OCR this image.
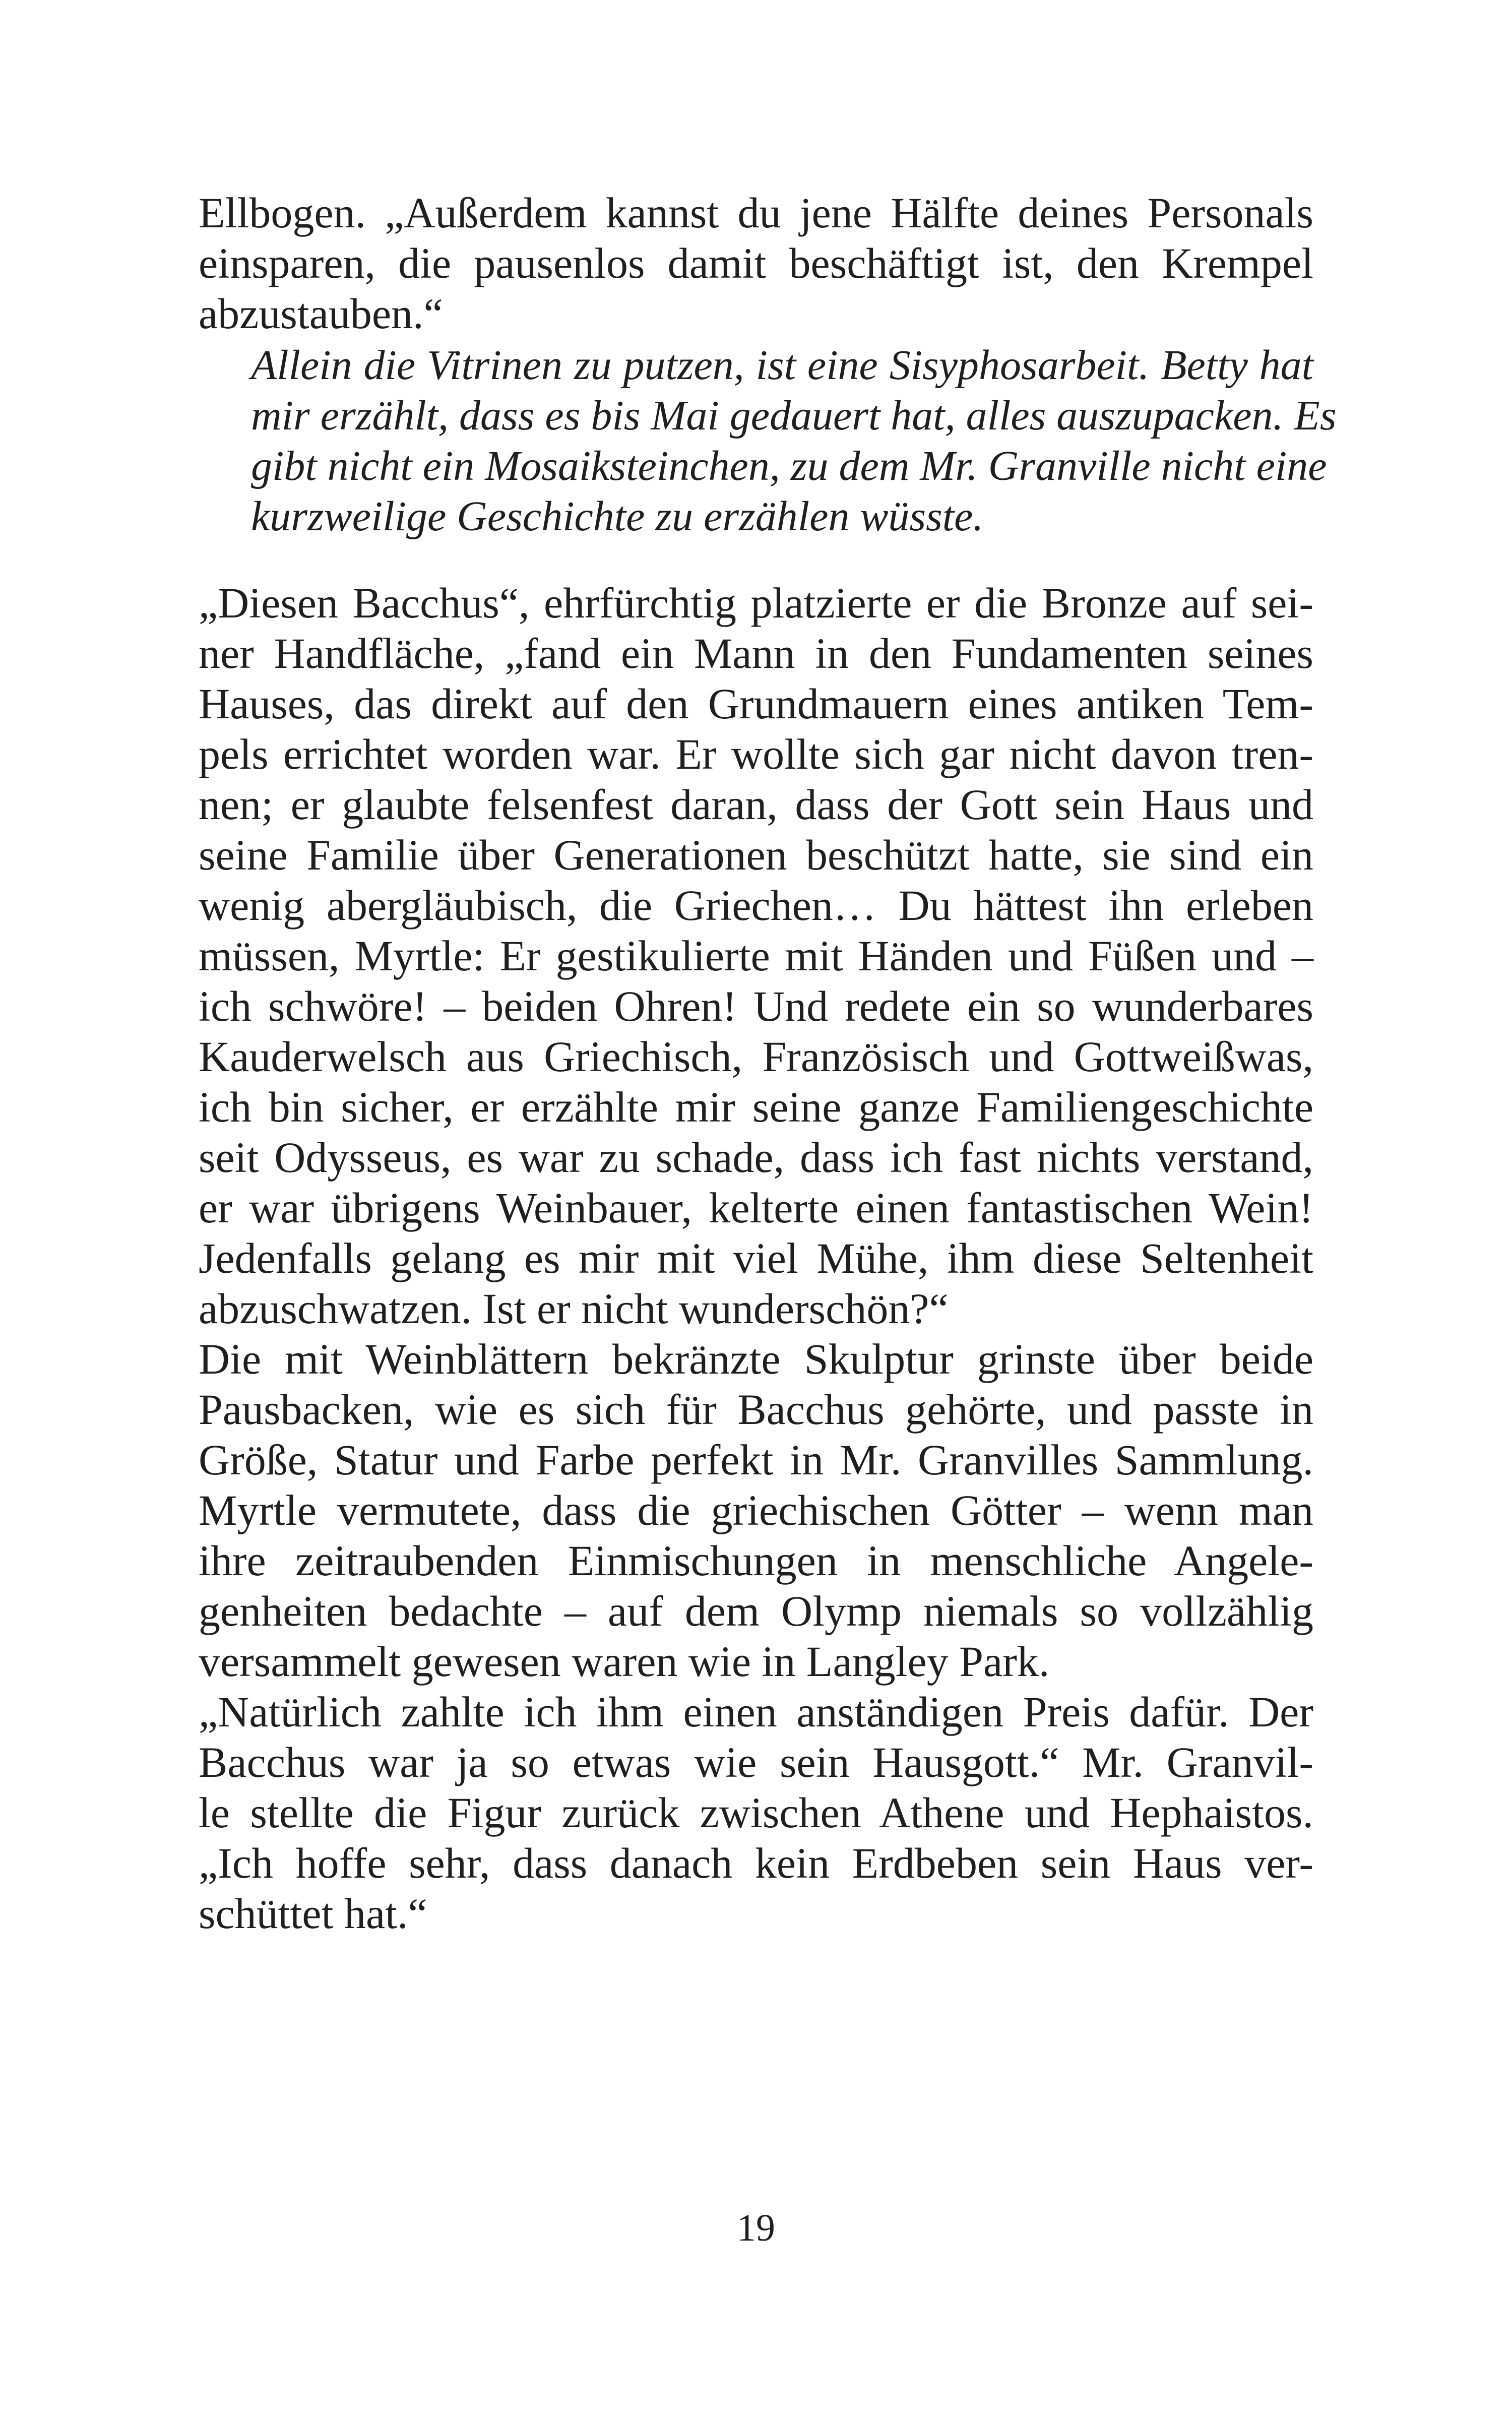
Ellbogen. „Außerdem kannst du jene Hälfte deines Personals

einsparen, die pausenlos damit beschäftigt ist, den Krempel

abzustauben.“

Allein die Vitrinen zu putzen, ist eine Sisyphosarbeit. Betty hat

mir erzählt, dass es bis Mai gedauert hat, alles auszupacken. Es

gibt nicht ein Mosaiksteinchen, zu dem Mr. Granville nicht eine

kurzweilige Geschichte zu erzählen wüsste.

„Diesen Bacchus“, ehrfürchtig platzierte er die Bronze auf sei-

ner Handfläche, „fand ein Mann in den Fundamenten seines

Hauses, das direkt auf den Grundmauern eines antiken Tem-

pels errichtet worden war. Er wollte sich gar nicht davon tren-

nen; er glaubte felsenfest daran, dass der Gott sein Haus und

seine Familie über Generationen beschützt hatte, sie sind ein

wenig abergläubisch, die Griechen… Du hättest ihn erleben

müssen, Myrtle: Er gestikulierte mit Händen und Füßen und –

ich schwöre! – beiden Ohren! Und redete ein so wunderbares

Kauderwelsch aus Griechisch, Französisch und Gottweißwas,

ich bin sicher, er erzählte mir seine ganze Familiengeschichte

seit Odysseus, es war zu schade, dass ich fast nichts verstand,

er war übrigens Weinbauer, kelterte einen fantastischen Wein!

Jedenfalls gelang es mir mit viel Mühe, ihm diese Seltenheit

abzuschwatzen. Ist er nicht wunderschön?“

Die mit Weinblättern bekränzte Skulptur grinste über beide

Pausbacken, wie es sich für Bacchus gehörte, und passte in

Größe, Statur und Farbe perfekt in Mr. Granvilles Sammlung.

Myrtle vermutete, dass die griechischen Götter – wenn man

ihre zeitraubenden Einmischungen in menschliche Angele-

genheiten bedachte – auf dem Olymp niemals so vollzählig

versammelt gewesen waren wie in Langley Park.

„Natürlich zahlte ich ihm einen anständigen Preis dafür. Der

Bacchus war ja so etwas wie sein Hausgott.“ Mr. Granvil-

le stellte die Figur zurück zwischen Athene und Hephaistos.

„Ich hoffe sehr, dass danach kein Erdbeben sein Haus ver-

schüttet hat.“

19
